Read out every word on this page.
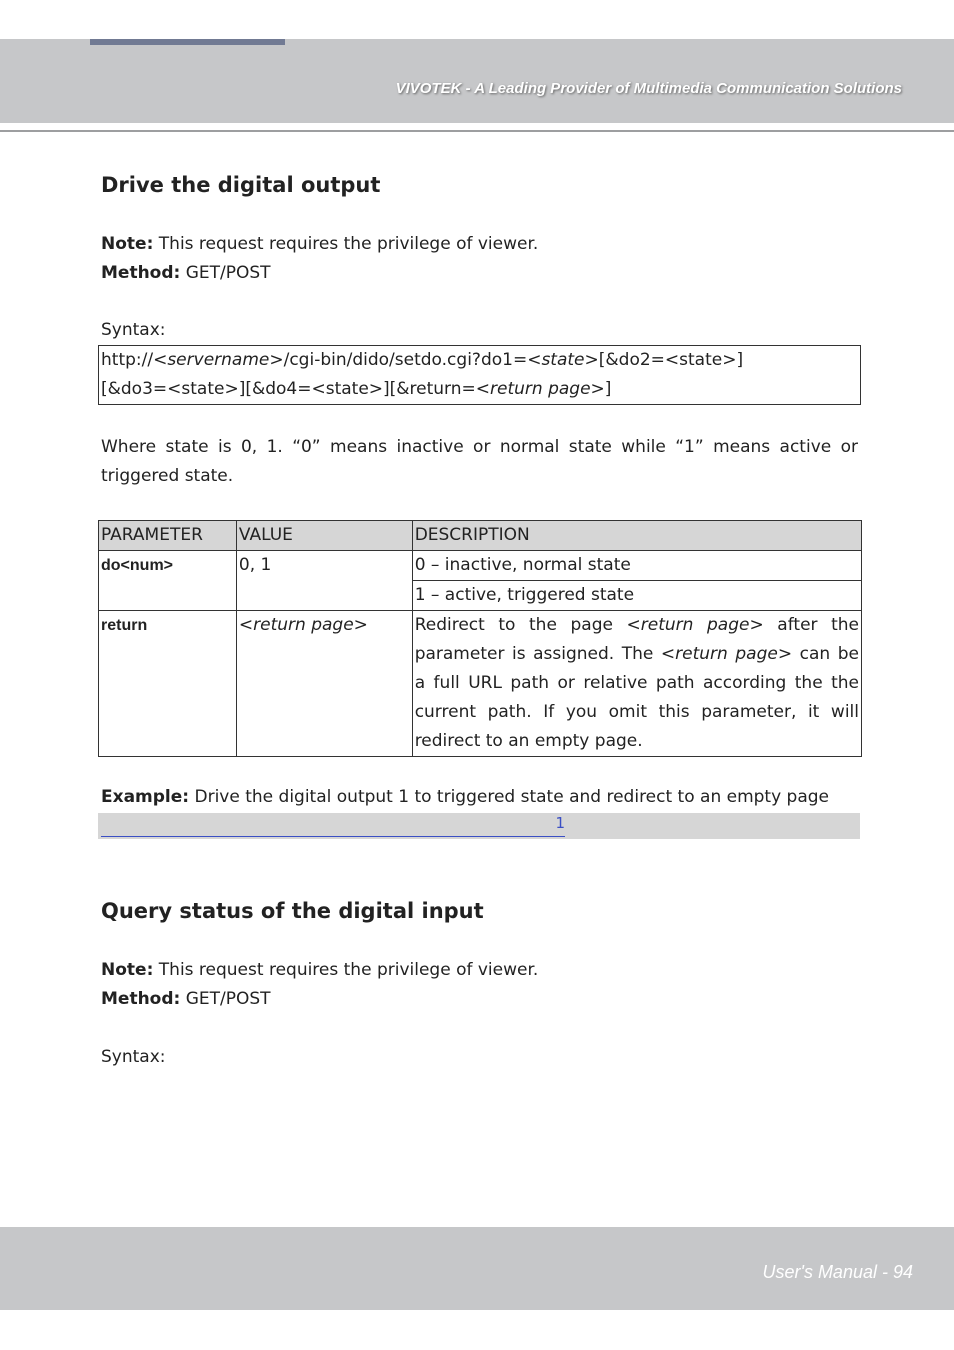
VIVOTEK - A Leading Provider of Multimedia Communication Solutions
Drive the digital output
Note: This request requires the privilege of viewer.
Method: GET/POST
Syntax:
http://<servername>/cgi-bin/dido/setdo.cgi?do1=<state>[&do2=<state>]
[&do3=<state>][&do4=<state>][&return=<return page>]
Where state is 0, 1. “0” means inactive or normal state while “1” means active or triggered state.
PARAMETER	VALUE	DESCRIPTION
do<num>	0, 1	0 – inactive, normal state
		1 – active, triggered state
return	<return page>	Redirect to the page <return page> after the parameter is assigned. The <return page> can be a full URL path or relative path according the the current path. If you omit this parameter, it will redirect to an empty page.
Example: Drive the digital output 1 to triggered state and redirect to an empty page
1
Query status of the digital input
Note: This request requires the privilege of viewer.
Method: GET/POST
Syntax:
User's Manual - 94
